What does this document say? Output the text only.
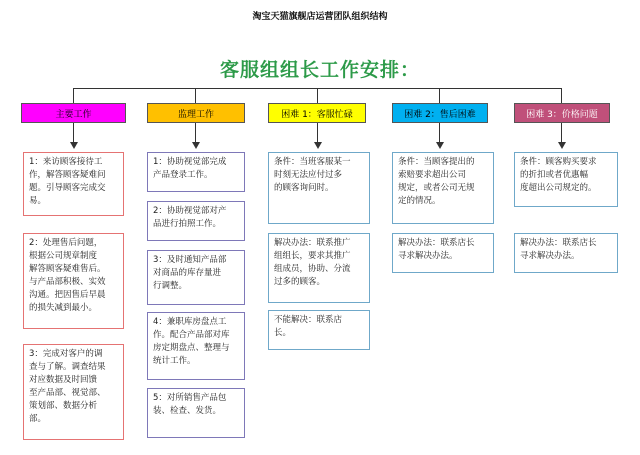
淘宝天猫旗舰店运营团队组织结构
客服组组长工作安排：
主要工作
1：来访顾客接待工
作，解答顾客疑难问
题。引导顾客完成交
易。
2：处理售后问题，
根据公司规章制度
解答顾客疑难售后。
与产品部积极、实效
沟通。把因售后早晨
的损失减到最小。
3：完成对客户的调
查与了解。调查结果
对应数据及时回馈
至产品部、视觉部、
策划部、数据分析
部。
监理工作
1：协助视觉部完成
产品登录工作。
2：协助视觉部对产
品进行拍照工作。
3：及时通知产品部
对商品的库存量进
行调整。
4：兼职库房盘点工
作。配合产品部对库
房定期盘点、整理与
统计工作。
5：对所销售产品包
装、检查、发货。
困难 1：客服忙碌
条件：当班客服某一
时刻无法应付过多
的顾客询问时。
解决办法：联系推广
组组长，要求其推广
组成员，协助、分流
过多的顾客。
不能解决：联系店
长。
困难 2：售后困难
条件：当顾客提出的
索赔要求超出公司
规定，或者公司无规
定的情况。
解决办法：联系店长
寻求解决办法。
困难 3：价格问题
条件：顾客购买要求
的折扣或者优惠幅
度超出公司规定的。
解决办法：联系店长
寻求解决办法。
